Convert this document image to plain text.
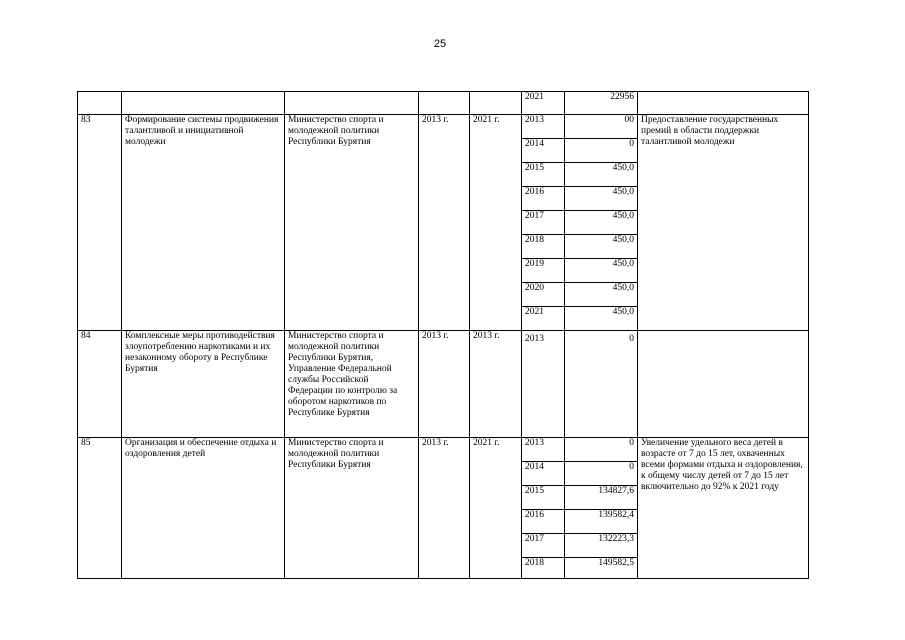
25
					2021	22956	
83	Формирование системы продвижения талантливой и инициативной молодежи	Министерство спорта и молодежной политики Республики Бурятия	2013 г.	2021 г.	2013	00	Предоставление государственных премий в области поддержки талантливой молодежи
					2014	0	
					2015	450,0	
					2016	450,0	
					2017	450,0	
					2018	450,0	
					2019	450,0	
					2020	450,0	
					2021	450,0	
84	Комплексные меры противодействия злоупотреблению наркотиками и их незаконному обороту в Республике Бурятия	Министерство спорта и молодежной политики Республики Бурятия, Управление Федеральной службы Российской Федерации по контролю за оборотом наркотиков по Республике Бурятия	2013 г.	2013 г.	2013	0	
85	Организация и обеспечение отдыха и оздоровления детей	Министерство спорта и молодежной политики Республики Бурятия	2013 г.	2021 г.	2013	0	Увеличение удельного веса детей в возрасте от 7 до 15 лет, охваченных всеми формами отдыха и оздоровления, к общему числу детей от 7 до 15 лет включительно до 92% к 2021 году
					2014	0	
					2015	134827,6	
					2016	139582,4	
					2017	132223,3	
					2018	149582,5	
